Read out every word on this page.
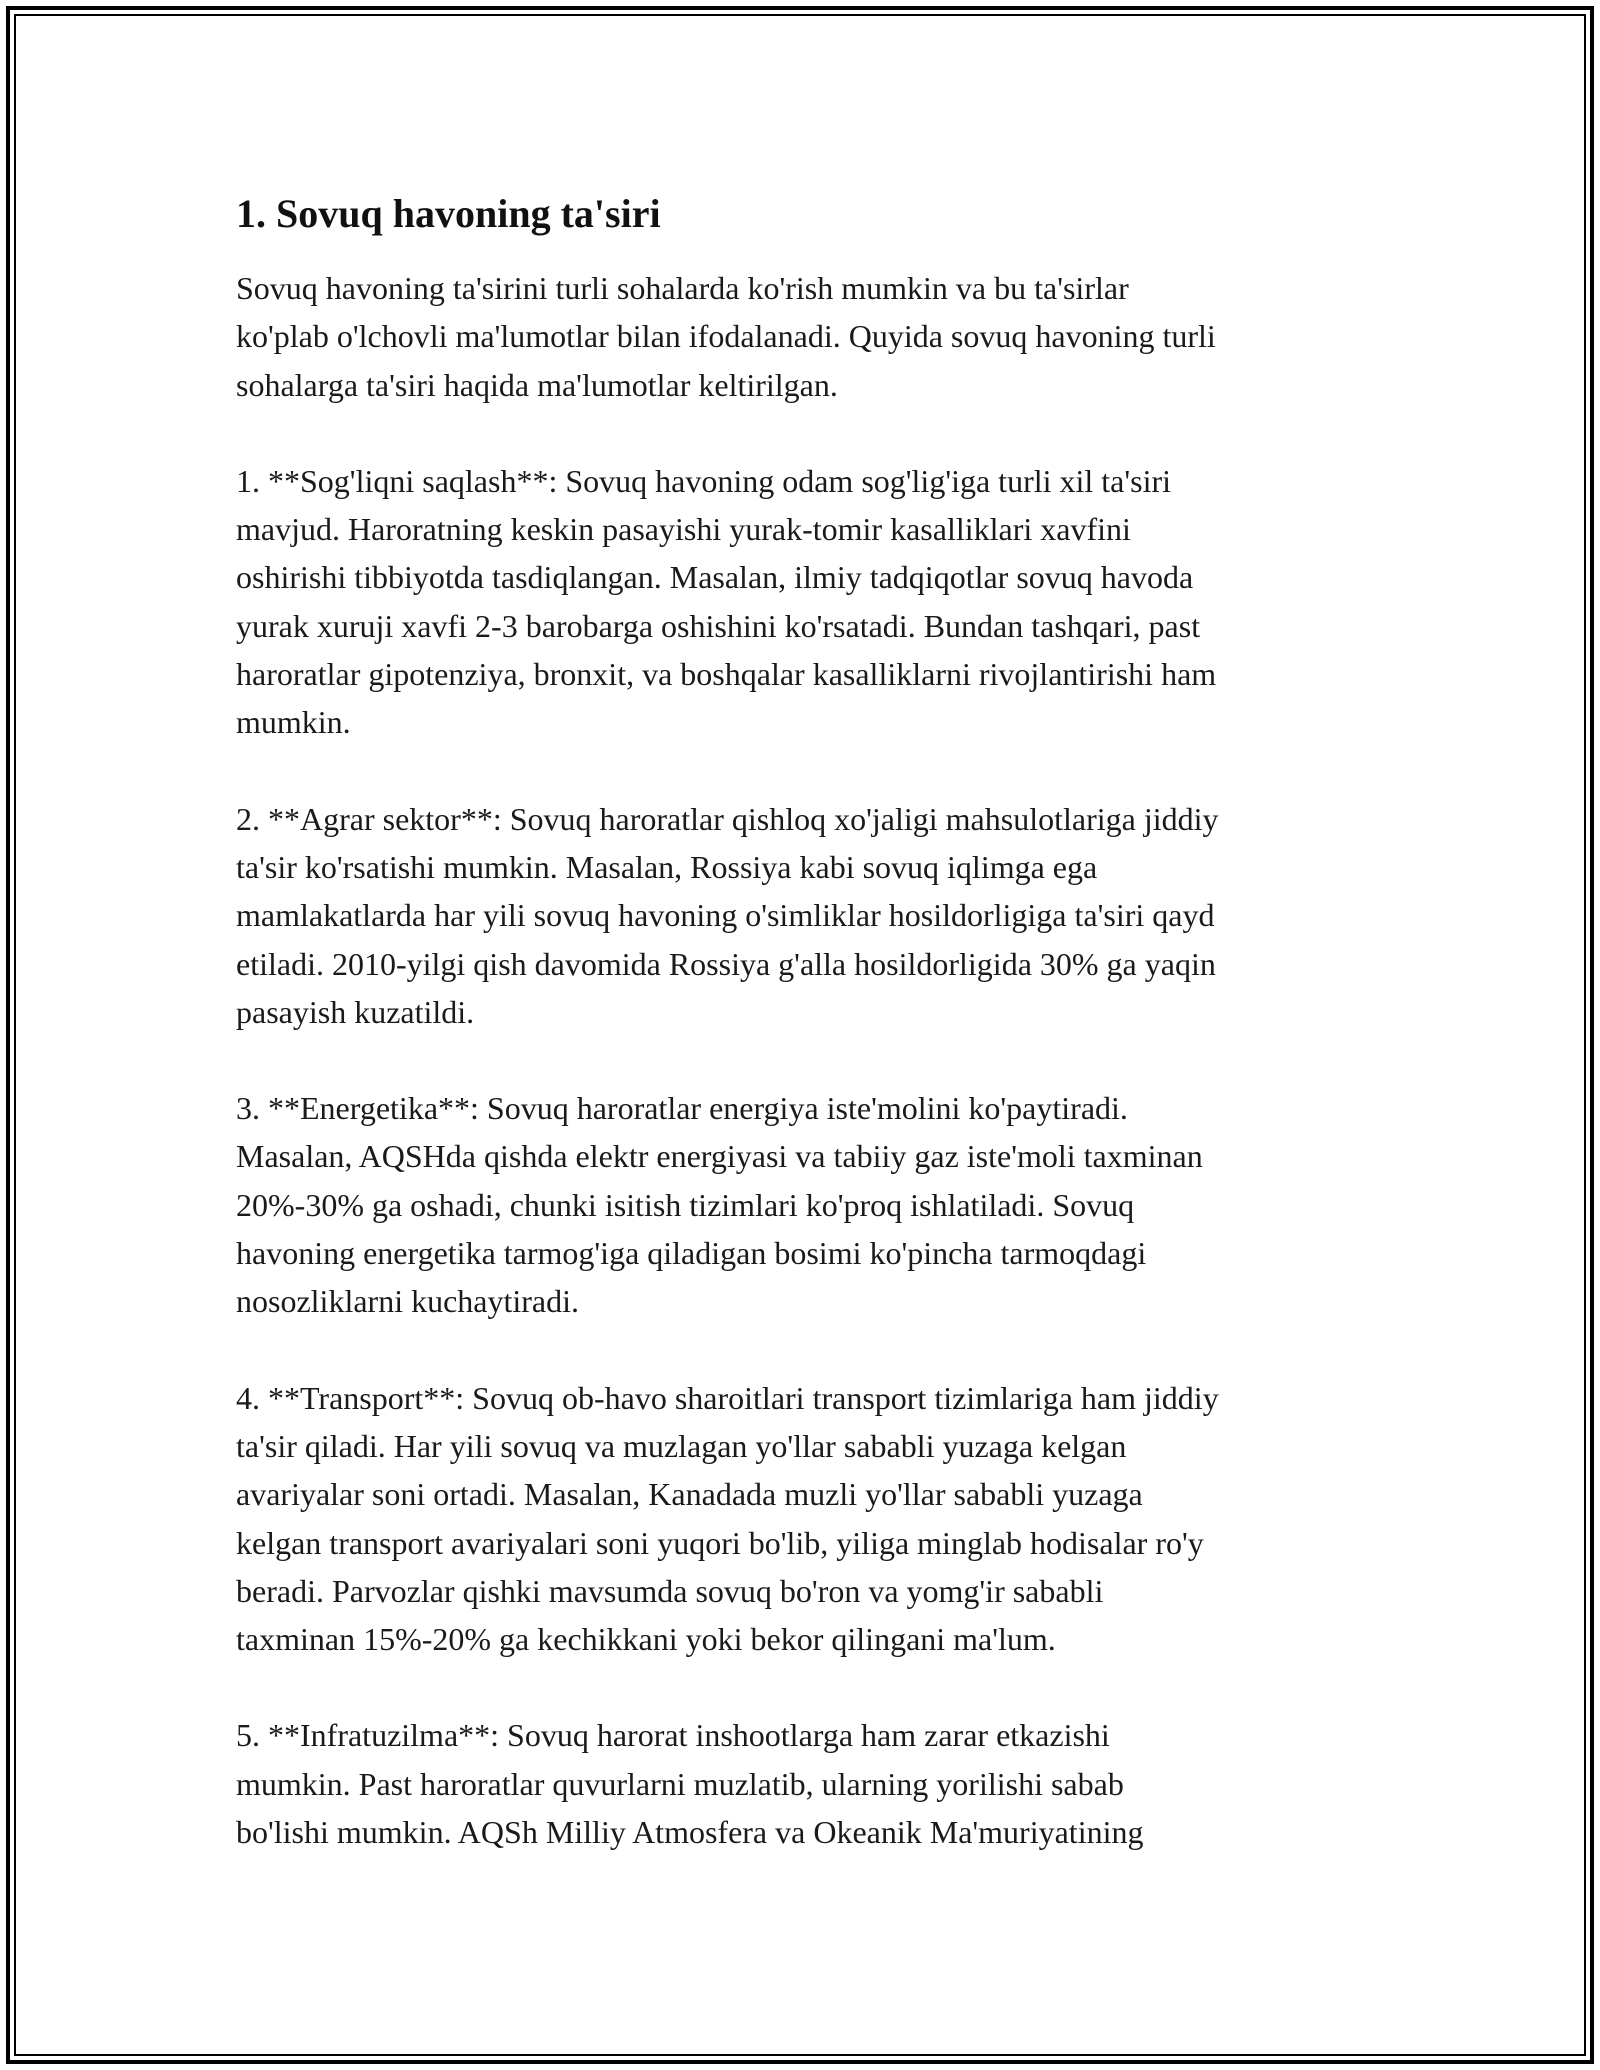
1. Sovuq havoning ta'siri

Sovuq havoning ta'sirini turli sohalarda ko'rish mumkin va bu ta'sirlar
ko'plab o'lchovli ma'lumotlar bilan ifodalanadi. Quyida sovuq havoning turli
sohalarga ta'siri haqida ma'lumotlar keltirilgan.

1. **Sog'liqni saqlash**: Sovuq havoning odam sog'lig'iga turli xil ta'siri
mavjud. Haroratning keskin pasayishi yurak-tomir kasalliklari xavfini
oshirishi tibbiyotda tasdiqlangan. Masalan, ilmiy tadqiqotlar sovuq havoda
yurak xuruji xavfi 2-3 barobarga oshishini ko'rsatadi. Bundan tashqari, past
haroratlar gipotenziya, bronxit, va boshqalar kasalliklarni rivojlantirishi ham
mumkin.

2. **Agrar sektor**: Sovuq haroratlar qishloq xo'jaligi mahsulotlariga jiddiy
ta'sir ko'rsatishi mumkin. Masalan, Rossiya kabi sovuq iqlimga ega
mamlakatlarda har yili sovuq havoning o'simliklar hosildorligiga ta'siri qayd
etiladi. 2010-yilgi qish davomida Rossiya g'alla hosildorligida 30% ga yaqin
pasayish kuzatildi.

3. **Energetika**: Sovuq haroratlar energiya iste'molini ko'paytiradi.
Masalan, AQSHda qishda elektr energiyasi va tabiiy gaz iste'moli taxminan
20%-30% ga oshadi, chunki isitish tizimlari ko'proq ishlatiladi. Sovuq
havoning energetika tarmog'iga qiladigan bosimi ko'pincha tarmoqdagi
nosozliklarni kuchaytiradi.

4. **Transport**: Sovuq ob-havo sharoitlari transport tizimlariga ham jiddiy
ta'sir qiladi. Har yili sovuq va muzlagan yo'llar sababli yuzaga kelgan
avariyalar soni ortadi. Masalan, Kanadada muzli yo'llar sababli yuzaga
kelgan transport avariyalari soni yuqori bo'lib, yiliga minglab hodisalar ro'y
beradi. Parvozlar qishki mavsumda sovuq bo'ron va yomg'ir sababli
taxminan 15%-20% ga kechikkani yoki bekor qilingani ma'lum.

5. **Infratuzilma**: Sovuq harorat inshootlarga ham zarar etkazishi
mumkin. Past haroratlar quvurlarni muzlatib, ularning yorilishi sabab
bo'lishi mumkin. AQSh Milliy Atmosfera va Okeanik Ma'muriyatining
